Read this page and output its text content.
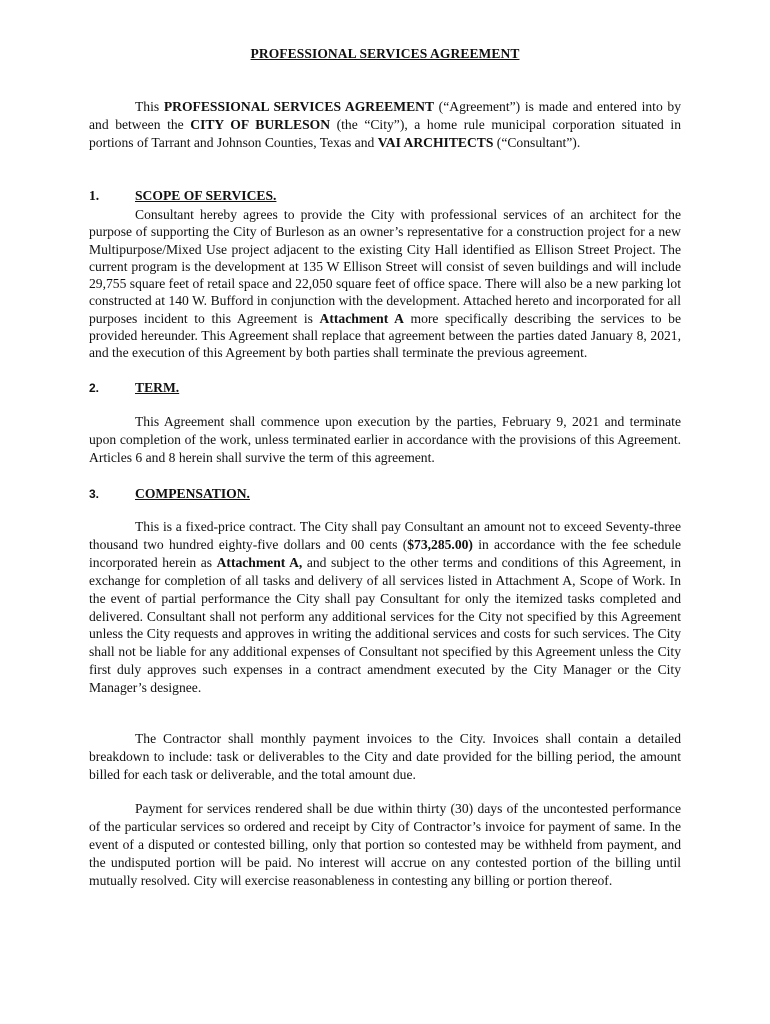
PROFESSIONAL SERVICES AGREEMENT

This PROFESSIONAL SERVICES AGREEMENT (“Agreement”) is made and entered into by and between the CITY OF BURLESON (the “City”), a home rule municipal corporation situated in portions of Tarrant and Johnson Counties, Texas and VAI ARCHITECTS (“Consultant”).

1.	SCOPE OF SERVICES.

Consultant hereby agrees to provide the City with professional services of an architect for the purpose of supporting the City of Burleson as an owner’s representative for a construction project for a new Multipurpose/Mixed Use project adjacent to the existing City Hall identified as Ellison Street Project. The current program is the development at 135 W Ellison Street will consist of seven buildings and will include 29,755 square feet of retail space and 22,050 square feet of office space. There will also be a new parking lot constructed at 140 W. Bufford in conjunction with the development. Attached hereto and incorporated for all purposes incident to this Agreement is Attachment A more specifically describing the services to be provided hereunder. This Agreement shall replace that agreement between the parties dated January 8, 2021, and the execution of this Agreement by both parties shall terminate the previous agreement.

2.	TERM.

This Agreement shall commence upon execution by the parties, February 9, 2021 and terminate upon completion of the work, unless terminated earlier in accordance with the provisions of this Agreement. Articles 6 and 8 herein shall survive the term of this agreement.

3.	COMPENSATION.

This is a fixed-price contract. The City shall pay Consultant an amount not to exceed Seventy-three thousand two hundred eighty-five dollars and 00 cents ($73,285.00) in accordance with the fee schedule incorporated herein as Attachment A, and subject to the other terms and conditions of this Agreement, in exchange for completion of all tasks and delivery of all services listed in Attachment A, Scope of Work. In the event of partial performance the City shall pay Consultant for only the itemized tasks completed and delivered. Consultant shall not perform any additional services for the City not specified by this Agreement unless the City requests and approves in writing the additional services and costs for such services. The City shall not be liable for any additional expenses of Consultant not specified by this Agreement unless the City first duly approves such expenses in a contract amendment executed by the City Manager or the City Manager’s designee.

The Contractor shall monthly payment invoices to the City. Invoices shall contain a detailed breakdown to include: task or deliverables to the City and date provided for the billing period, the amount billed for each task or deliverable, and the total amount due.

Payment for services rendered shall be due within thirty (30) days of the uncontested performance of the particular services so ordered and receipt by City of Contractor’s invoice for payment of same. In the event of a disputed or contested billing, only that portion so contested may be withheld from payment, and the undisputed portion will be paid. No interest will accrue on any contested portion of the billing until mutually resolved. City will exercise reasonableness in contesting any billing or portion thereof.
